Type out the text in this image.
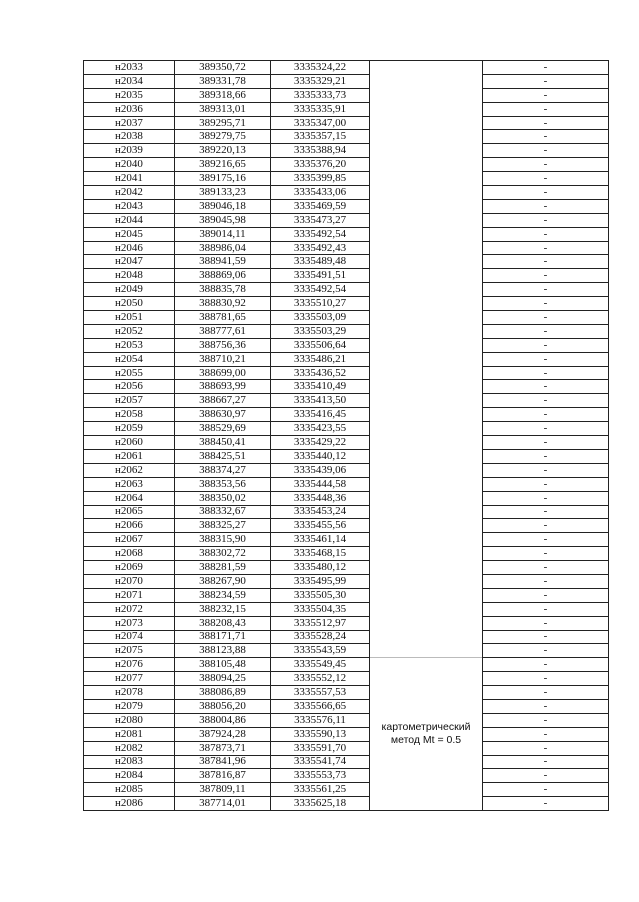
н2033	389350,72	3335324,22		-
н2034	389331,78	3335329,21		-
н2035	389318,66	3335333,73		-
н2036	389313,01	3335335,91		-
н2037	389295,71	3335347,00		-
н2038	389279,75	3335357,15		-
н2039	389220,13	3335388,94		-
н2040	389216,65	3335376,20		-
н2041	389175,16	3335399,85		-
н2042	389133,23	3335433,06		-
н2043	389046,18	3335469,59		-
н2044	389045,98	3335473,27		-
н2045	389014,11	3335492,54		-
н2046	388986,04	3335492,43		-
н2047	388941,59	3335489,48		-
н2048	388869,06	3335491,51		-
н2049	388835,78	3335492,54		-
н2050	388830,92	3335510,27		-
н2051	388781,65	3335503,09		-
н2052	388777,61	3335503,29		-
н2053	388756,36	3335506,64		-
н2054	388710,21	3335486,21		-
н2055	388699,00	3335436,52		-
н2056	388693,99	3335410,49		-
н2057	388667,27	3335413,50		-
н2058	388630,97	3335416,45		-
н2059	388529,69	3335423,55		-
н2060	388450,41	3335429,22		-
н2061	388425,51	3335440,12		-
н2062	388374,27	3335439,06		-
н2063	388353,56	3335444,58		-
н2064	388350,02	3335448,36		-
н2065	388332,67	3335453,24		-
н2066	388325,27	3335455,56		-
н2067	388315,90	3335461,14		-
н2068	388302,72	3335468,15		-
н2069	388281,59	3335480,12		-
н2070	388267,90	3335495,99		-
н2071	388234,59	3335505,30		-
н2072	388232,15	3335504,35		-
н2073	388208,43	3335512,97		-
н2074	388171,71	3335528,24		-
н2075	388123,88	3335543,59		-
н2076	388105,48	3335549,45	картометрический
метод Mt = 0.5	-
н2077	388094,25	3335552,12		-
н2078	388086,89	3335557,53		-
н2079	388056,20	3335566,65		-
н2080	388004,86	3335576,11		-
н2081	387924,28	3335590,13		-
н2082	387873,71	3335591,70		-
н2083	387841,96	3335541,74		-
н2084	387816,87	3335553,73		-
н2085	387809,11	3335561,25		-
н2086	387714,01	3335625,18		-
